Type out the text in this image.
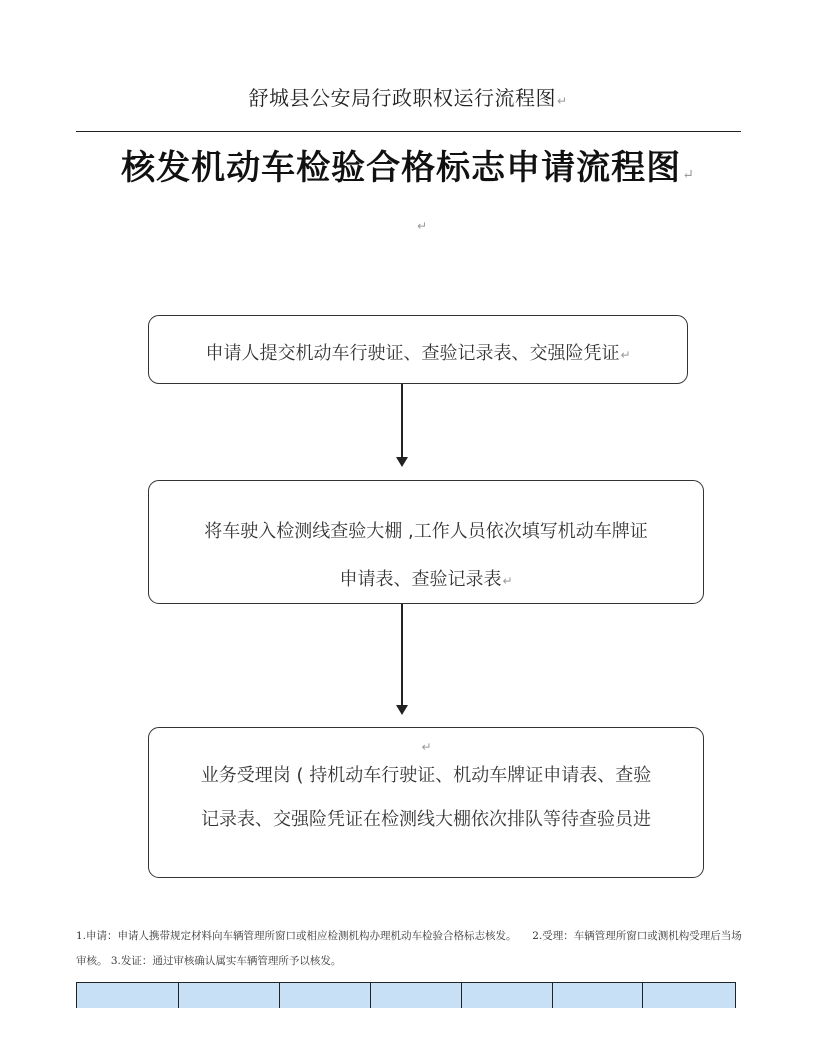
舒城县公安局行政职权运行流程图↵
核发机动车检验合格标志申请流程图↵
↵
申请人提交机动车行驶证、查验记录表、交强险凭证↵
将车驶入检测线查验大棚 ,工作人员依次填写机动车牌证
申请表、查验记录表↵
↵
业务受理岗 ( 持机动车行驶证、机动车牌证申请表、查验
记录表、交强险凭证在检测线大棚依次排队等待查验员进
1.申请：申请人携带规定材料向车辆管理所窗口或相应检测机构办理机动车检验合格标志核发。　　2.受理：车辆管理所窗口或测机构受理后当场审核。 3.发证：通过审核确认属实车辆管理所予以核发。
